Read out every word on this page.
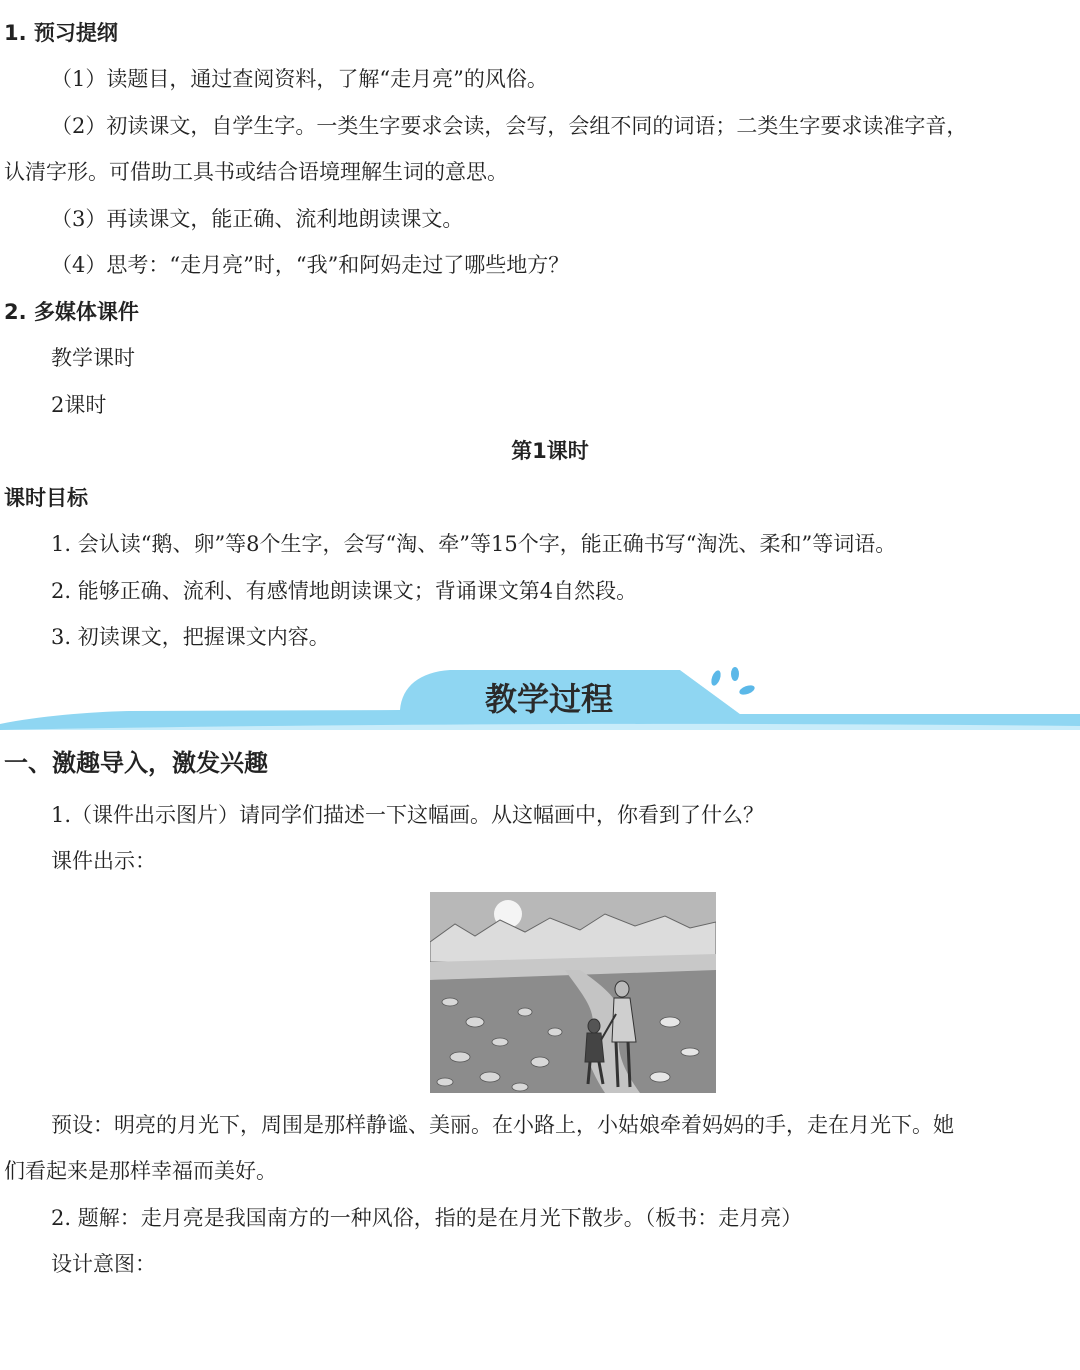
1. 预习提纲
（1）读题目，通过查阅资料，了解“走月亮”的风俗。
（2）初读课文，自学生字。一类生字要求会读，会写，会组不同的词语；二类生字要求读准字音，
认清字形。可借助工具书或结合语境理解生词的意思。
（3）再读课文，能正确、流利地朗读课文。
（4）思考：“走月亮”时，“我”和阿妈走过了哪些地方？
2. 多媒体课件
教学课时
2课时
第1课时
课时目标
1. 会认读“鹅、卵”等8个生字，会写“淘、牵”等15个字，能正确书写“淘洗、柔和”等词语。
2. 能够正确、流利、有感情地朗读课文；背诵课文第4自然段。
3. 初读课文，把握课文内容。
教学过程
一、激趣导入，激发兴趣
1.（课件出示图片）请同学们描述一下这幅画。从这幅画中，你看到了什么？
课件出示：
预设：明亮的月光下，周围是那样静谧、美丽。在小路上，小姑娘牵着妈妈的手，走在月光下。她
们看起来是那样幸福而美好。
2. 题解：走月亮是我国南方的一种风俗，指的是在月光下散步。（板书：走月亮）
设计意图：
